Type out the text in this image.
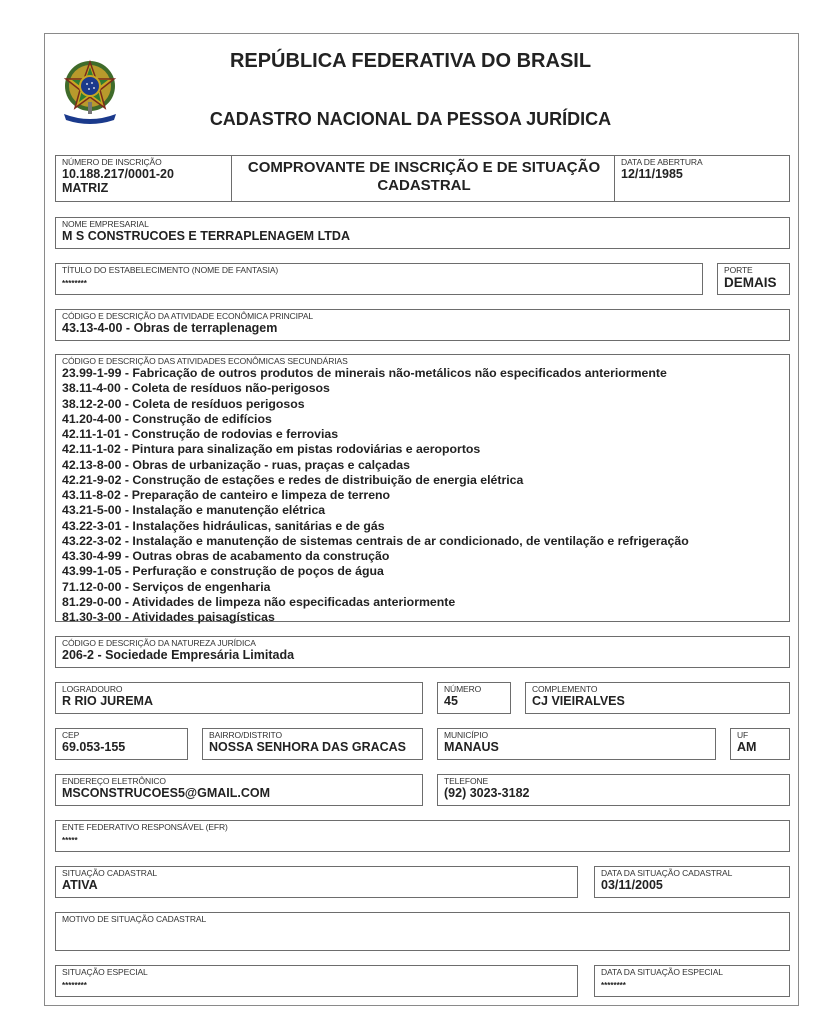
REPÚBLICA FEDERATIVA DO BRASIL
CADASTRO NACIONAL DA PESSOA JURÍDICA
NÚMERO DE INSCRIÇÃO
10.188.217/0001-20
MATRIZ
COMPROVANTE DE INSCRIÇÃO E DE SITUAÇÃO
CADASTRAL
DATA DE ABERTURA
12/11/1985
NOME EMPRESARIAL
M S CONSTRUCOES E TERRAPLENAGEM LTDA
TÍTULO DO ESTABELECIMENTO (NOME DE FANTASIA)
********
PORTE
DEMAIS
CÓDIGO E DESCRIÇÃO DA ATIVIDADE ECONÔMICA PRINCIPAL
43.13-4-00 - Obras de terraplenagem
CÓDIGO E DESCRIÇÃO DAS ATIVIDADES ECONÔMICAS SECUNDÁRIAS
23.99-1-99 - Fabricação de outros produtos de minerais não-metálicos não especificados anteriormente
38.11-4-00 - Coleta de resíduos não-perigosos
38.12-2-00 - Coleta de resíduos perigosos
41.20-4-00 - Construção de edifícios
42.11-1-01 - Construção de rodovias e ferrovias
42.11-1-02 - Pintura para sinalização em pistas rodoviárias e aeroportos
42.13-8-00 - Obras de urbanização - ruas, praças e calçadas
42.21-9-02 - Construção de estações e redes de distribuição de energia elétrica
43.11-8-02 - Preparação de canteiro e limpeza de terreno
43.21-5-00 - Instalação e manutenção elétrica
43.22-3-01 - Instalações hidráulicas, sanitárias e de gás
43.22-3-02 - Instalação e manutenção de sistemas centrais de ar condicionado, de ventilação e refrigeração
43.30-4-99 - Outras obras de acabamento da construção
43.99-1-05 - Perfuração e construção de poços de água
71.12-0-00 - Serviços de engenharia
81.29-0-00 - Atividades de limpeza não especificadas anteriormente
81.30-3-00 - Atividades paisagísticas
CÓDIGO E DESCRIÇÃO DA NATUREZA JURÍDICA
206-2 - Sociedade Empresária Limitada
LOGRADOURO
R RIO JUREMA
NÚMERO
45
COMPLEMENTO
CJ VIEIRALVES
CEP
69.053-155
BAIRRO/DISTRITO
NOSSA SENHORA DAS GRACAS
MUNICÍPIO
MANAUS
UF
AM
ENDEREÇO ELETRÔNICO
MSCONSTRUCOES5@GMAIL.COM
TELEFONE
(92) 3023-3182
ENTE FEDERATIVO RESPONSÁVEL (EFR)
*****
SITUAÇÃO CADASTRAL
ATIVA
DATA DA SITUAÇÃO CADASTRAL
03/11/2005
MOTIVO DE SITUAÇÃO CADASTRAL
SITUAÇÃO ESPECIAL
********
DATA DA SITUAÇÃO ESPECIAL
********
